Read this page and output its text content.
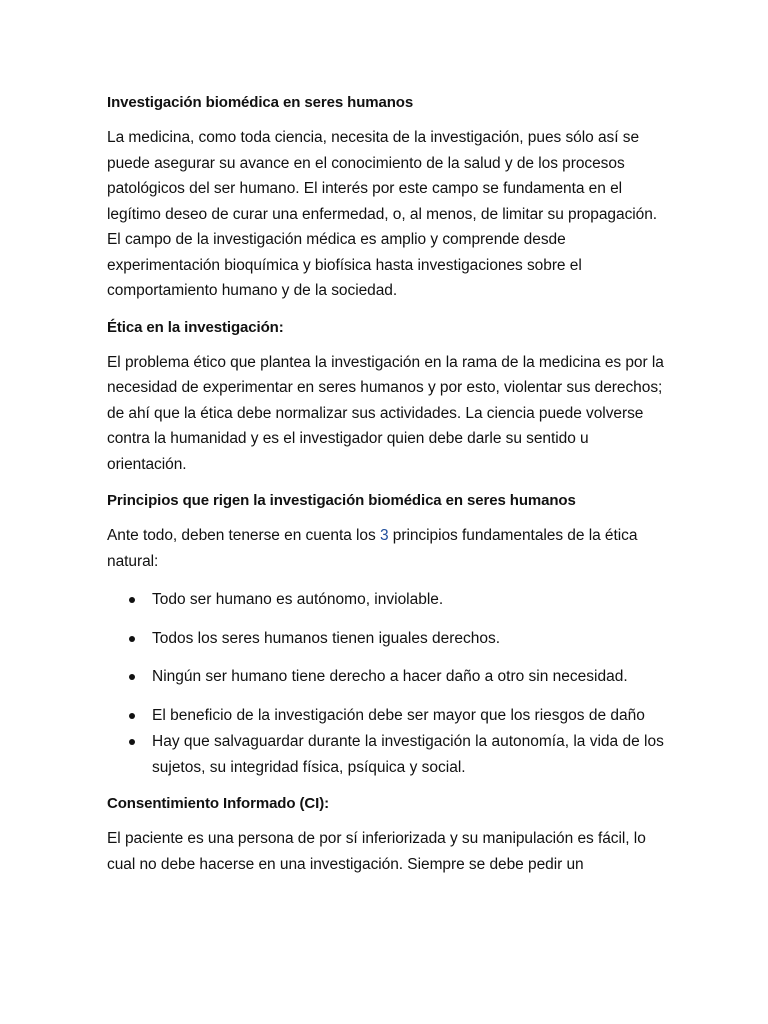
Investigación biomédica en seres humanos

La medicina, como toda ciencia, necesita de la investigación, pues sólo así se puede asegurar su avance en el conocimiento de la salud y de los procesos patológicos del ser humano. El interés por este campo se fundamenta en el legítimo deseo de curar una enfermedad, o, al menos, de limitar su propagación. El campo de la investigación médica es amplio y comprende desde experimentación bioquímica y biofísica hasta investigaciones sobre el comportamiento humano y de la sociedad.

Ética en la investigación:

El problema ético que plantea la investigación en la rama de la medicina es por la necesidad de experimentar en seres humanos y por esto, violentar sus derechos; de ahí que la ética debe normalizar sus actividades. La ciencia puede volverse contra la humanidad y es el investigador quien debe darle su sentido u orientación.

Principios que rigen la investigación biomédica en seres humanos

Ante todo, deben tenerse en cuenta los 3 principios fundamentales de la ética natural:

Todo ser humano es autónomo, inviolable.
Todos los seres humanos tienen iguales derechos.
Ningún ser humano tiene derecho a hacer daño a otro sin necesidad.
El beneficio de la investigación debe ser mayor que los riesgos de daño
Hay que salvaguardar durante la investigación la autonomía, la vida de los sujetos, su integridad física, psíquica y social.
Consentimiento Informado (CI):

El paciente es una persona de por sí inferiorizada y su manipulación es fácil, lo cual no debe hacerse en una investigación. Siempre se debe pedir un
